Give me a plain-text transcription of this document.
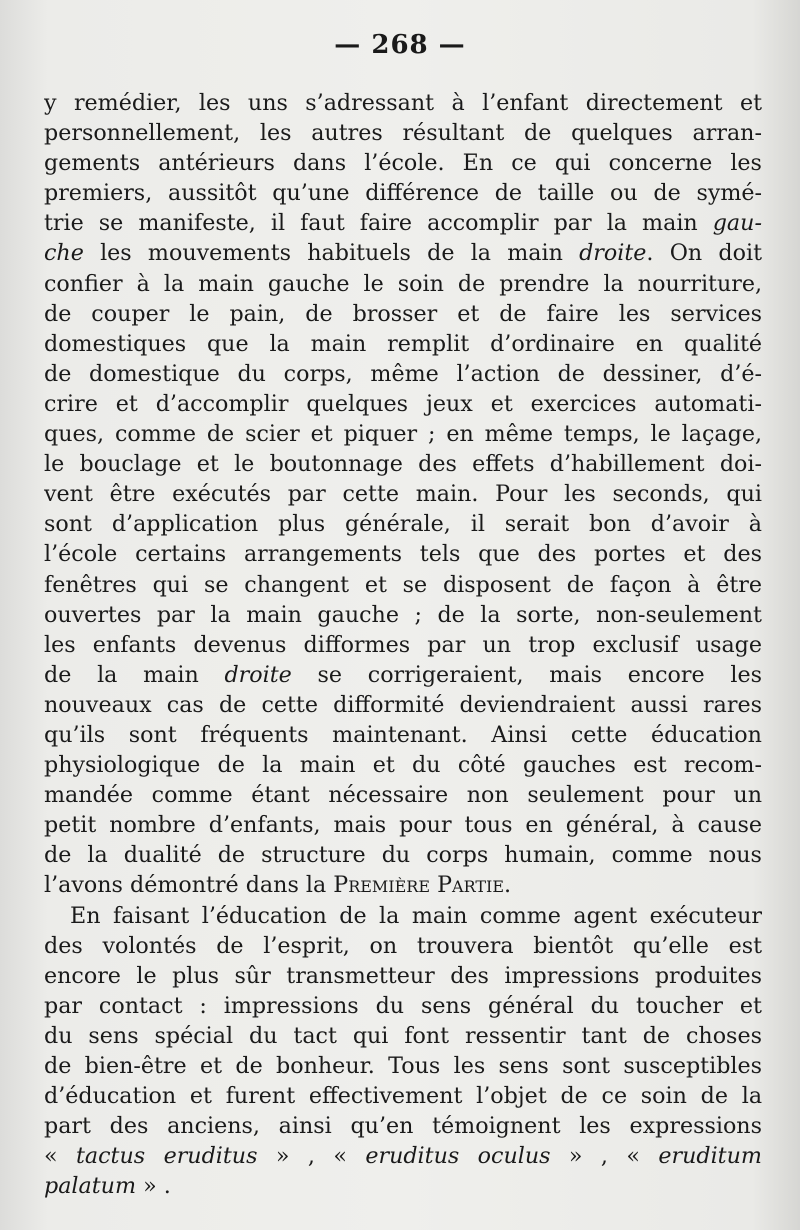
— 268 —
y remédier, les uns s’adressant à l’enfant directement et
personnellement, les autres résultant de quelques arran-
gements antérieurs dans l’école. En ce qui concerne les
premiers, aussitôt qu’une différence de taille ou de symé-
trie se manifeste, il faut faire accomplir par la main gau-
che les mouvements habituels de la main droite. On doit
confier à la main gauche le soin de prendre la nourriture,
de couper le pain, de brosser et de faire les services
domestiques que la main remplit d’ordinaire en qualité
de domestique du corps, même l’action de dessiner, d’é-
crire et d’accomplir quelques jeux et exercices automati-
ques, comme de scier et piquer ; en même temps, le laçage,
le bouclage et le boutonnage des effets d’habillement doi-
vent être exécutés par cette main. Pour les seconds, qui
sont d’application plus générale, il serait bon d’avoir à
l’école certains arrangements tels que des portes et des
fenêtres qui se changent et se disposent de façon à être
ouvertes par la main gauche ; de la sorte, non-seulement
les enfants devenus difformes par un trop exclusif usage
de la main droite se corrigeraient, mais encore les
nouveaux cas de cette difformité deviendraient aussi rares
qu’ils sont fréquents maintenant. Ainsi cette éducation
physiologique de la main et du côté gauches est recom-
mandée comme étant nécessaire non seulement pour un
petit nombre d’enfants, mais pour tous en général, à cause
de la dualité de structure du corps humain, comme nous
l’avons démontré dans la Première Partie.
En faisant l’éducation de la main comme agent exécuteur
des volontés de l’esprit, on trouvera bientôt qu’elle est
encore le plus sûr transmetteur des impressions produites
par contact : impressions du sens général du toucher et
du sens spécial du tact qui font ressentir tant de choses
de bien-être et de bonheur. Tous les sens sont susceptibles
d’éducation et furent effectivement l’objet de ce soin de la
part des anciens, ainsi qu’en témoignent les expressions
« tactus eruditus » , « eruditus oculus » , « eruditum
palatum » .
